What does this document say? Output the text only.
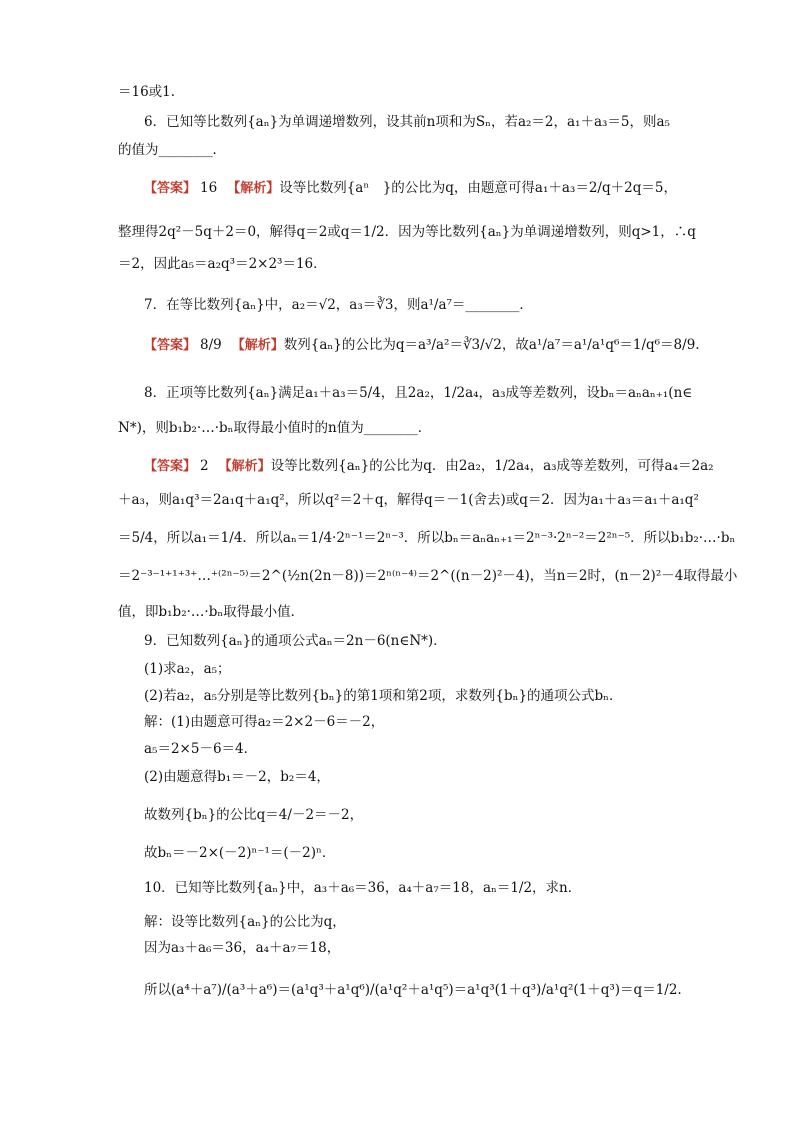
＝16或1.
6．已知等比数列{aₙ}为单调递增数列，设其前n项和为Sₙ，若a₂＝2，a₁＋a₃＝5，则a₅
的值为________．
【答案】 16 【解析】设等比数列{aⁿ　}的公比为q，由题意可得a₁＋a₃＝2/q＋2q＝5，
整理得2q²－5q＋2＝0，解得q＝2或q＝1/2．因为等比数列{aₙ}为单调递增数列，则q>1，∴q
＝2，因此a₅＝a₂q³＝2×2³＝16．
7．在等比数列{aₙ}中，a₂＝√2，a₃＝∛3，则a¹/a⁷＝________．
【答案】 8/9 【解析】数列{aₙ}的公比为q＝a³/a²＝∛3/√2，故a¹/a⁷＝a¹/a¹q⁶＝1/q⁶＝8/9.
8．正项等比数列{aₙ}满足a₁＋a₃＝5/4，且2a₂，1/2a₄，a₃成等差数列，设bₙ＝aₙaₙ₊₁(n∈
N*)，则b₁b₂·…·bₙ取得最小值时的n值为________．
【答案】 2 【解析】设等比数列{aₙ}的公比为q．由2a₂，1/2a₄，a₃成等差数列，可得a₄＝2a₂
＋a₃，则a₁q³＝2a₁q＋a₁q²，所以q²＝2＋q，解得q＝－1(舍去)或q＝2．因为a₁＋a₃＝a₁＋a₁q²
＝5/4，所以a₁＝1/4．所以aₙ＝1/4·2ⁿ⁻¹＝2ⁿ⁻³．所以bₙ＝aₙaₙ₊₁＝2ⁿ⁻³·2ⁿ⁻²＝2²ⁿ⁻⁵．所以b₁b₂·…·bₙ
＝2⁻³⁻¹⁺¹⁺³⁺…⁺⁽²ⁿ⁻⁵⁾＝2^(½n(2n－8))＝2ⁿ⁽ⁿ⁻⁴⁾＝2^((n－2)²－4)，当n＝2时，(n－2)²－4取得最小
值，即b₁b₂·…·bₙ取得最小值．
9．已知数列{aₙ}的通项公式aₙ＝2n－6(n∈N*)．
(1)求a₂，a₅；
(2)若a₂，a₅分别是等比数列{bₙ}的第1项和第2项，求数列{bₙ}的通项公式bₙ．
解：(1)由题意可得a₂＝2×2－6＝－2，
a₅＝2×5－6＝4．
(2)由题意得b₁＝－2，b₂＝4，
故数列{bₙ}的公比q＝4/－2＝－2，
故bₙ＝－2×(－2)ⁿ⁻¹＝(－2)ⁿ．
10．已知等比数列{aₙ}中，a₃＋a₆＝36，a₄＋a₇＝18，aₙ＝1/2，求n．
解：设等比数列{aₙ}的公比为q，
因为a₃＋a₆＝36，a₄＋a₇＝18，
所以(a⁴＋a⁷)/(a³＋a⁶)＝(a¹q³＋a¹q⁶)/(a¹q²＋a¹q⁵)＝a¹q³(1＋q³)/a¹q²(1＋q³)＝q＝1/2.
